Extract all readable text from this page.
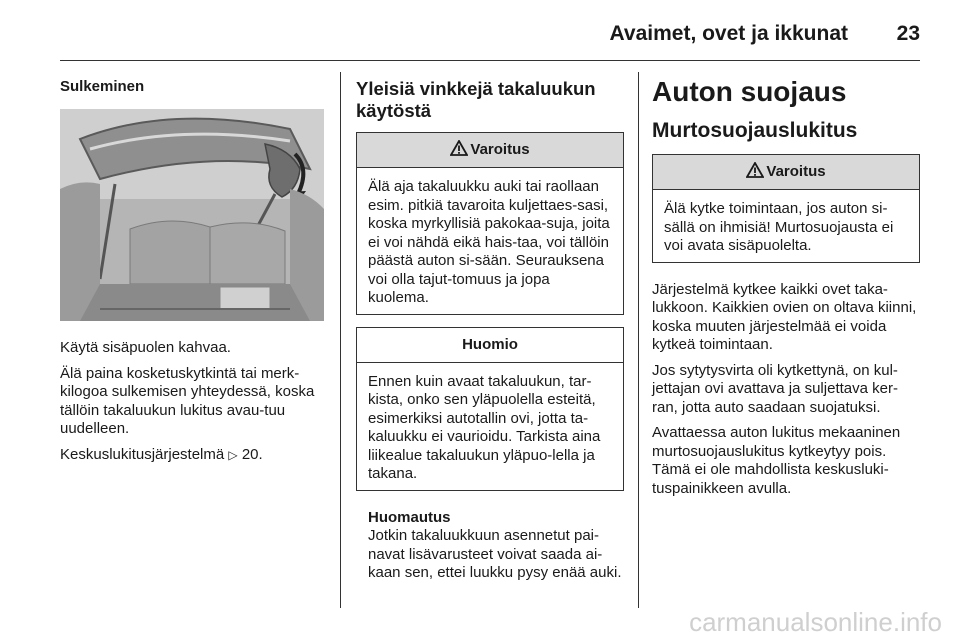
Avaimet, ovet ja ikkunat 23
Sulkeminen

Käytä sisäpuolen kahvaa.

Älä paina kosketuskytkintä tai merk-kilogoa sulkemisen yhteydessä, koska tällöin takaluukun lukitus avau-tuu uudelleen.

Keskuslukitusjärjestelmä ▷ 20.

Yleisiä vinkkejä takaluukun käytöstä
Varoitus
Älä aja takaluukku auki tai raollaan esim. pitkiä tavaroita kuljettaes-sasi, koska myrkyllisiä pakokaa-suja, joita ei voi nähdä eikä hais-taa, voi tällöin päästä auton si-sään. Seurauksena voi olla tajut-tomuus ja jopa kuolema.
Huomio
Ennen kuin avaat takaluukun, tar-kista, onko sen yläpuolella esteitä, esimerkiksi autotallin ovi, jotta ta-kaluukku ei vaurioidu. Tarkista aina liikealue takaluukun yläpuo-lella ja takana.
Huomautus
Jotkin takaluukkuun asennetut pai-navat lisävarusteet voivat saada ai-kaan sen, ettei luukku pysy enää auki.
Auton suojaus
Murtosuojauslukitus
Varoitus
Älä kytke toimintaan, jos auton si-sällä on ihmisiä! Murtosuojausta ei voi avata sisäpuolelta.

Järjestelmä kytkee kaikki ovet taka-lukkoon. Kaikkien ovien on oltava kiinni, koska muuten järjestelmää ei voida kytkeä toimintaan.

Jos sytytysvirta oli kytkettynä, on kul-jettajan ovi avattava ja suljettava ker-ran, jotta auto saadaan suojatuksi.

Avattaessa auton lukitus mekaaninen murtosuojauslukitus kytkeytyy pois. Tämä ei ole mahdollista keskusluki-tuspainikkeen avulla.

carmanualsonline.info
